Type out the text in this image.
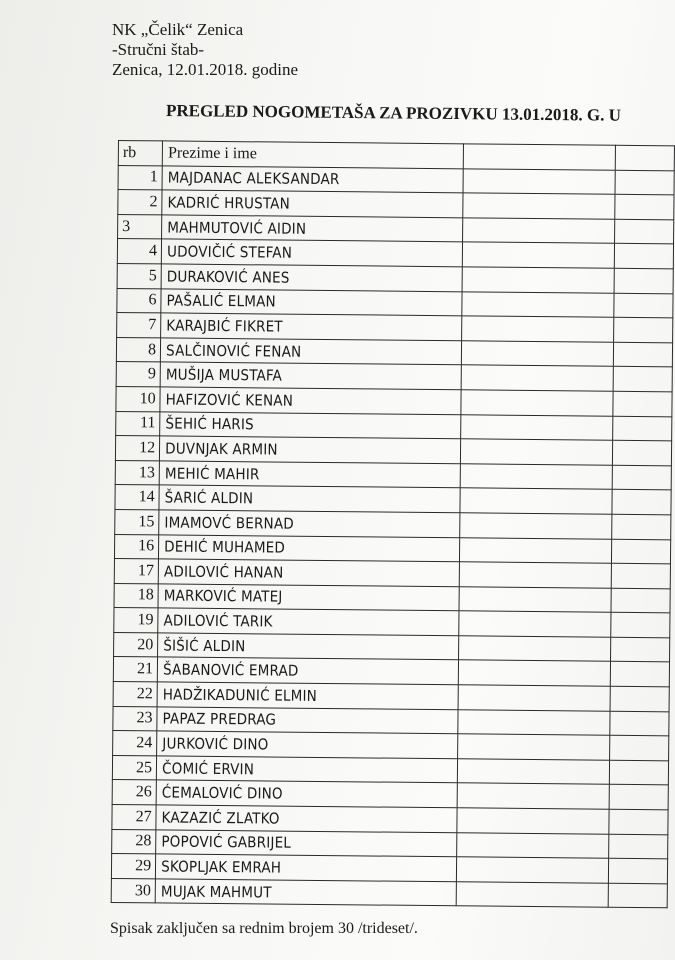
NK „Čelik“ Zenica
-Stručni štab-
Zenica, 12.01.2018. godine
PREGLED NOGOMETAŠA ZA PROZIVKU 13.01.2018. G. U
rb	Prezime i ime		
1	MAJDANAC ALEKSANDAR		
2	KADRIĆ HRUSTAN		
3	MAHMUTOVIĆ AIDIN		
4	UDOVIČIĆ STEFAN		
5	DURAKOVIĆ ANES		
6	PAŠALIĆ ELMAN		
7	KARAJBIĆ FIKRET		
8	SALČINOVIĆ FENAN		
9	MUŠIJA MUSTAFA		
10	HAFIZOVIĆ KENAN		
11	ŠEHIĆ HARIS		
12	DUVNJAK ARMIN		
13	MEHIĆ MAHIR		
14	ŠARIĆ ALDIN		
15	IMAMOVĆ BERNAD		
16	DEHIĆ MUHAMED		
17	ADILOVIĆ HANAN		
18	MARKOVIĆ MATEJ		
19	ADILOVIĆ TARIK		
20	ŠIŠIĆ ALDIN		
21	ŠABANOVIĆ EMRAD		
22	HADŽIKADUNIĆ ELMIN		
23	PAPAZ PREDRAG		
24	JURKOVIĆ DINO		
25	ČOMIĆ ERVIN		
26	ĆEMALOVIĆ DINO		
27	KAZAZIĆ ZLATKO		
28	POPOVIĆ GABRIJEL		
29	SKOPLJAK EMRAH		
30	MUJAK MAHMUT		
Spisak zaključen sa rednim brojem 30 /trideset/.
